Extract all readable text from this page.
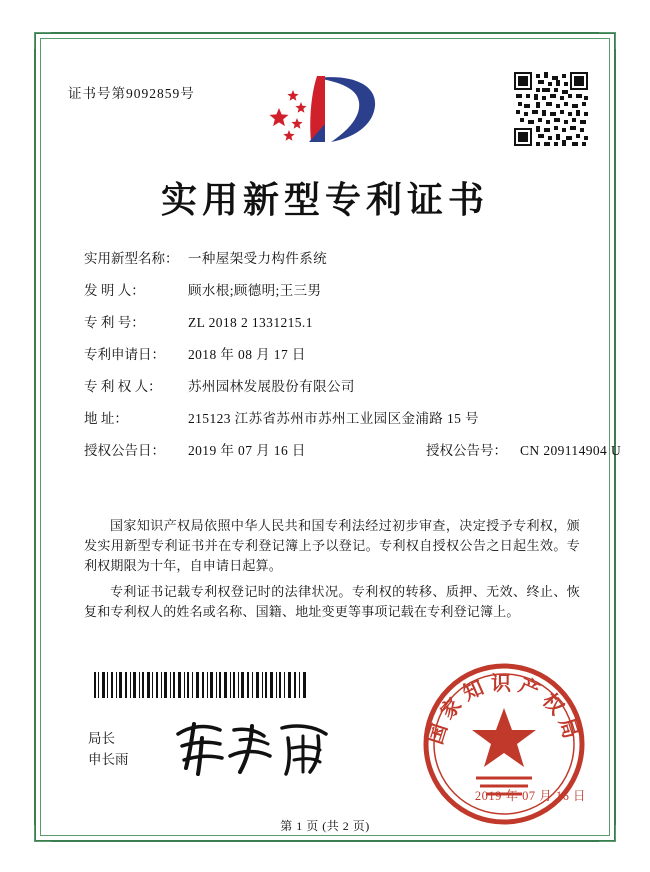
证书号第9092859号
实用新型专利证书
实用新型名称： 一种屋架受力构件系统
发 明 人：	顾水根;顾德明;王三男
专 利 号：	ZL 2018 2 1331215.1
专利申请日：	2018 年 08 月 17 日
专 利 权 人：	苏州园林发展股份有限公司
地 址：	215123 江苏省苏州市苏州工业园区金浦路 15 号
授权公告日：	2019 年 07 月 16 日	授权公告号： CN 209114904 U

国家知识产权局依照中华人民共和国专利法经过初步审查，决定授予专利权，颁发实用新型专利证书并在专利登记簿上予以登记。专利权自授权公告之日起生效。专利权期限为十年，自申请日起算。

专利证书记载专利权登记时的法律状况。专利权的转移、质押、无效、终止、恢复和专利权人的姓名或名称、国籍、地址变更等事项记载在专利登记簿上。

局长
申长雨
国家知识产权局
2019 年 07 月 16 日
第 1 页 (共 2 页)
